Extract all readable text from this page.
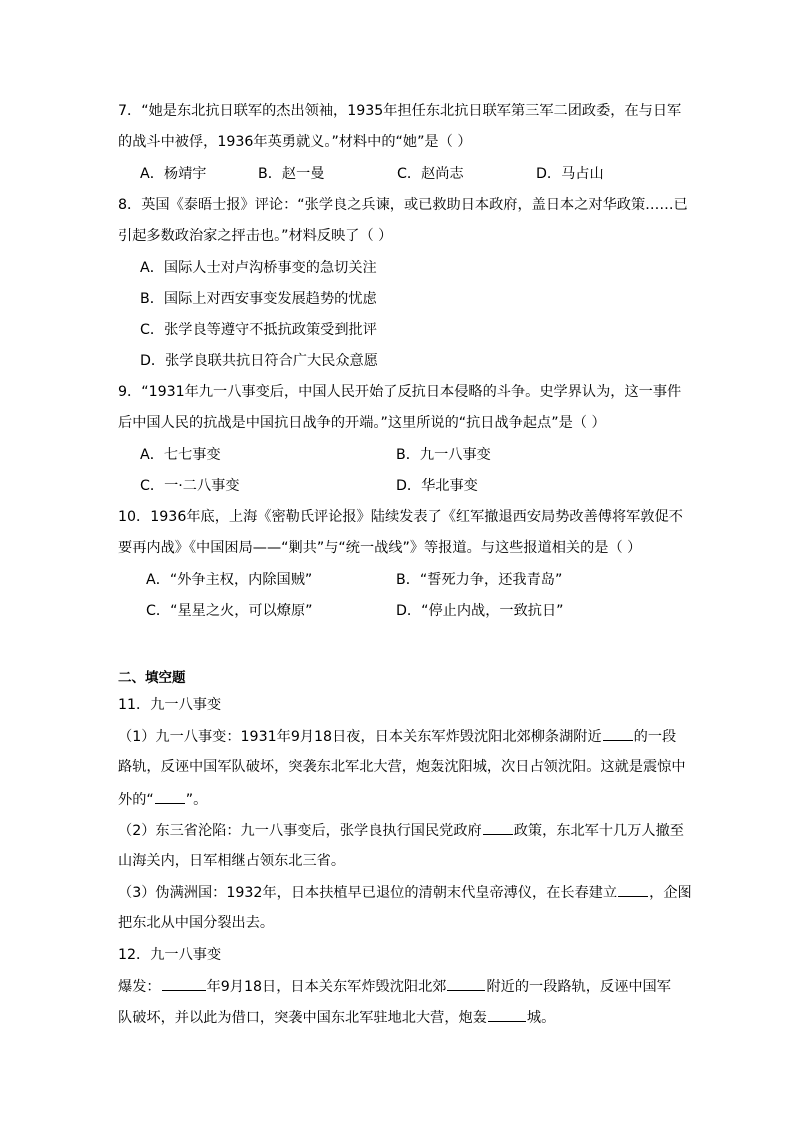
7．“她是东北抗日联军的杰出领袖，1935年担任东北抗日联军第三军二团政委，在与日军
的战斗中被俘，1936年英勇就义。”材料中的“她”是（ ）
A．杨靖宇	B．赵一曼	C．赵尚志	D．马占山
8．英国《泰晤士报》评论：“张学良之兵谏，或已救助日本政府，盖日本之对华政策……已
引起多数政治家之抨击也。”材料反映了（ ）
A．国际人士对卢沟桥事变的急切关注
B．国际上对西安事变发展趋势的忧虑
C．张学良等遵守不抵抗政策受到批评
D．张学良联共抗日符合广大民众意愿
9．“1931年九一八事变后，中国人民开始了反抗日本侵略的斗争。史学界认为，这一事件
后中国人民的抗战是中国抗日战争的开端。”这里所说的“抗日战争起点”是（ ）
A．七七事变	B．九一八事变
C．一·二八事变	D．华北事变
10．1936年底，上海《密勒氏评论报》陆续发表了《红军撤退西安局势改善傅将军敦促不
要再内战》《中国困局——“剿共”与“统一战线”》等报道。与这些报道相关的是（ ）
A．“外争主权，内除国贼”	B．“誓死力争，还我青岛”
C．“星星之火，可以燎原”	D．“停止内战，一致抗日”
二、填空题
11．九一八事变
（1）九一八事变：1931年9月18日夜，日本关东军炸毁沈阳北郊柳条湖附近 的一段
路轨，反诬中国军队破坏，突袭东北军北大营，炮轰沈阳城，次日占领沈阳。这就是震惊中
外的“ ”。
（2）东三省沦陷：九一八事变后，张学良执行国民党政府 政策，东北军十几万人撤至
山海关内，日军相继占领东北三省。
（3）伪满洲国：1932年，日本扶植早已退位的清朝末代皇帝溥仪，在长春建立 ，企图
把东北从中国分裂出去。
12．九一八事变
爆发：	年9月18日，日本关东军炸毁沈阳北郊	附近的一段路轨，反诬中国军
队破坏，并以此为借口，突袭中国东北军驻地北大营，炮轰	城。
